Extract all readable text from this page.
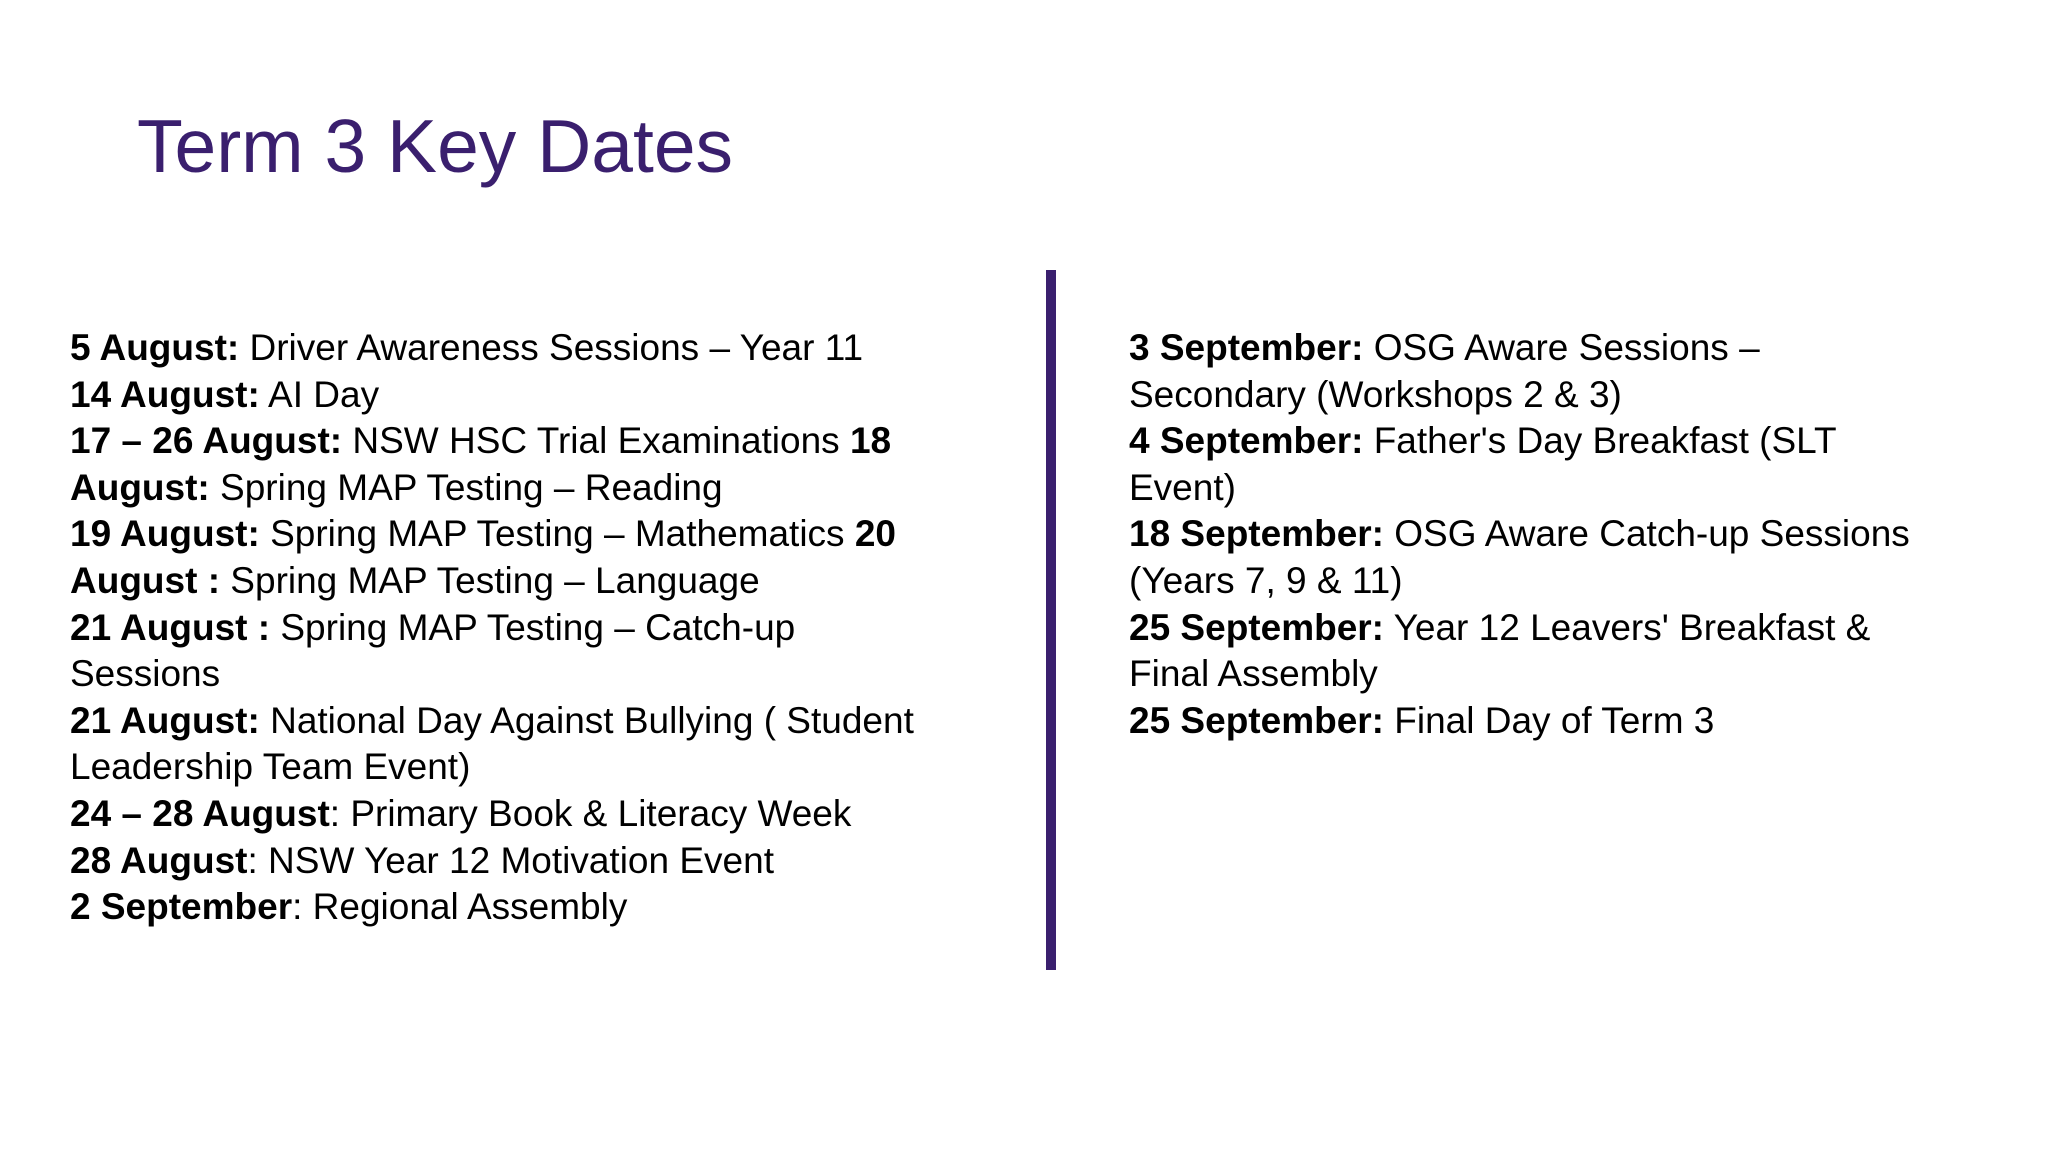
Term 3 Key Dates
5 August: Driver Awareness Sessions – Year 11
14 August: AI Day
17 – 26 August: NSW HSC Trial Examinations 18
August: Spring MAP Testing – Reading
19 August: Spring MAP Testing – Mathematics 20
August : Spring MAP Testing – Language
21 August : Spring MAP Testing – Catch-up
Sessions
21 August: National Day Against Bullying ( Student
Leadership Team Event)
24 – 28 August: Primary Book & Literacy Week
28 August: NSW Year 12 Motivation Event
2 September: Regional Assembly
3 September: OSG Aware Sessions –
Secondary (Workshops 2 & 3)
4 September: Father's Day Breakfast (SLT
Event)
18 September: OSG Aware Catch-up Sessions
(Years 7, 9 & 11)
25 September: Year 12 Leavers' Breakfast &
Final Assembly
25 September: Final Day of Term 3
